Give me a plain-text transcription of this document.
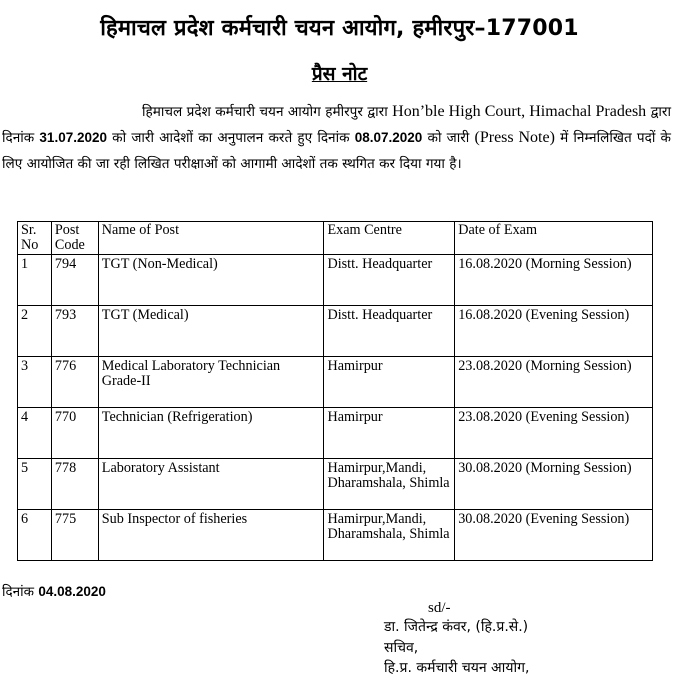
हिमाचल प्रदेश कर्मचारी चयन आयोग, हमीरपुर–177001
प्रैस नोट
हिमाचल प्रदेश कर्मचारी चयन आयोग हमीरपुर द्वारा Hon’ble High Court, Himachal Pradesh द्वारा दिनांक 31.07.2020 को जारी आदेशों का अनुपालन करते हुए दिनांक 08.07.2020 को जारी (Press Note) में निम्नलिखित पदों के लिए आयोजित की जा रही लिखित परीक्षाओं को आगामी आदेशों तक स्थगित कर दिया गया है।
Sr. No	Post Code	Name of Post	Exam Centre	Date of Exam
1	794	TGT (Non-Medical)	Distt. Headquarter	16.08.2020 (Morning Session)
2	793	TGT (Medical)	Distt. Headquarter	16.08.2020 (Evening Session)
3	776	Medical Laboratory Technician Grade-II	Hamirpur	23.08.2020 (Morning Session)
4	770	Technician (Refrigeration)	Hamirpur	23.08.2020 (Evening Session)
5	778	Laboratory Assistant	Hamirpur,Mandi, Dharamshala, Shimla	30.08.2020 (Morning Session)
6	775	Sub Inspector of fisheries	Hamirpur,Mandi, Dharamshala, Shimla	30.08.2020 (Evening Session)
दिनांक 04.08.2020
sd/-
डा. जितेन्द्र कंवर, (हि.प्र.से.)
सचिव,
हि.प्र. कर्मचारी चयन आयोग,
